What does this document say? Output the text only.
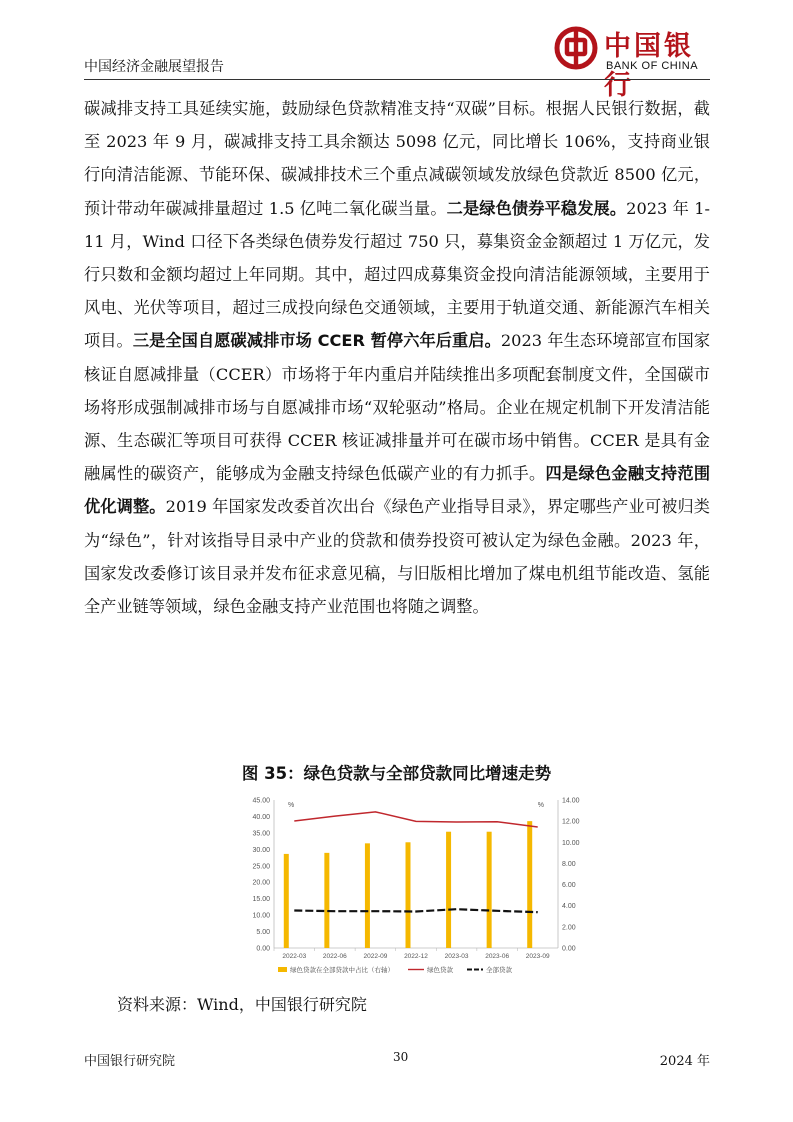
中国经济金融展望报告
中国银行
BANK OF CHINA
碳减排支持工具延续实施，鼓励绿色贷款精准支持“双碳”目标。根据人民银行数据，截至 2023 年 9 月，碳减排支持工具余额达 5098 亿元，同比增长 106%，支持商业银行向清洁能源、节能环保、碳减排技术三个重点减碳领域发放绿色贷款近 8500 亿元，预计带动年碳减排量超过 1.5 亿吨二氧化碳当量。二是绿色债券平稳发展。2023 年 1-11 月，Wind 口径下各类绿色债券发行超过 750 只，募集资金金额超过 1 万亿元，发行只数和金额均超过上年同期。其中，超过四成募集资金投向清洁能源领域，主要用于风电、光伏等项目，超过三成投向绿色交通领域，主要用于轨道交通、新能源汽车相关项目。三是全国自愿碳减排市场 CCER 暂停六年后重启。2023 年生态环境部宣布国家核证自愿减排量（CCER）市场将于年内重启并陆续推出多项配套制度文件，全国碳市场将形成强制减排市场与自愿减排市场“双轮驱动”格局。企业在规定机制下开发清洁能源、生态碳汇等项目可获得 CCER 核证减排量并可在碳市场中销售。CCER 是具有金融属性的碳资产，能够成为金融支持绿色低碳产业的有力抓手。四是绿色金融支持范围优化调整。2019 年国家发改委首次出台《绿色产业指导目录》，界定哪些产业可被归类为“绿色”，针对该指导目录中产业的贷款和债券投资可被认定为绿色金融。2023 年，国家发改委修订该目录并发布征求意见稿，与旧版相比增加了煤电机组节能改造、氢能全产业链等领域，绿色金融支持产业范围也将随之调整。
图 35：绿色贷款与全部贷款同比增速走势
0.00
5.00
10.00
15.00
20.00
25.00
30.00
35.00
40.00
45.00
0.00
2.00
4.00
6.00
8.00
10.00
12.00
14.00
%	%
2022-03	2022-06	2022-09	2022-12	2023-03	2023-06	2023-09
绿色贷款在全部贷款中占比（右轴）	绿色贷款	全部贷款
资料来源：Wind，中国银行研究院
中国银行研究院	30	2024 年
